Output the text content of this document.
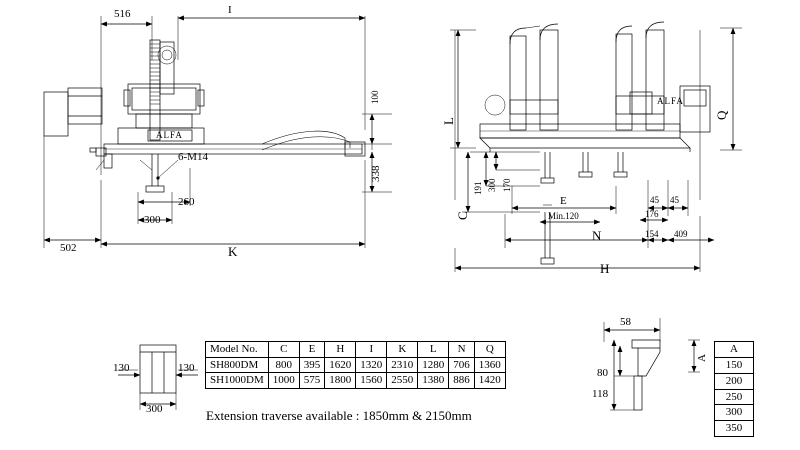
516	I
100
338
502	K
260
300
6-M14
ALFA
L
Q
C
E
H
N
191 300 170
45 45
176
154 409
Min.120
ALFA
130	130
300
58
80
118
A
Model No.	C	E	H	I	K	L	N	Q
SH800DM	800	395	1620	1320	2310	1280	706	1360
SH1000DM	1000	575	1800	1560	2550	1380	886	1420
Extension traverse available : 1850mm & 2150mm
A
150
200
250
300
350
